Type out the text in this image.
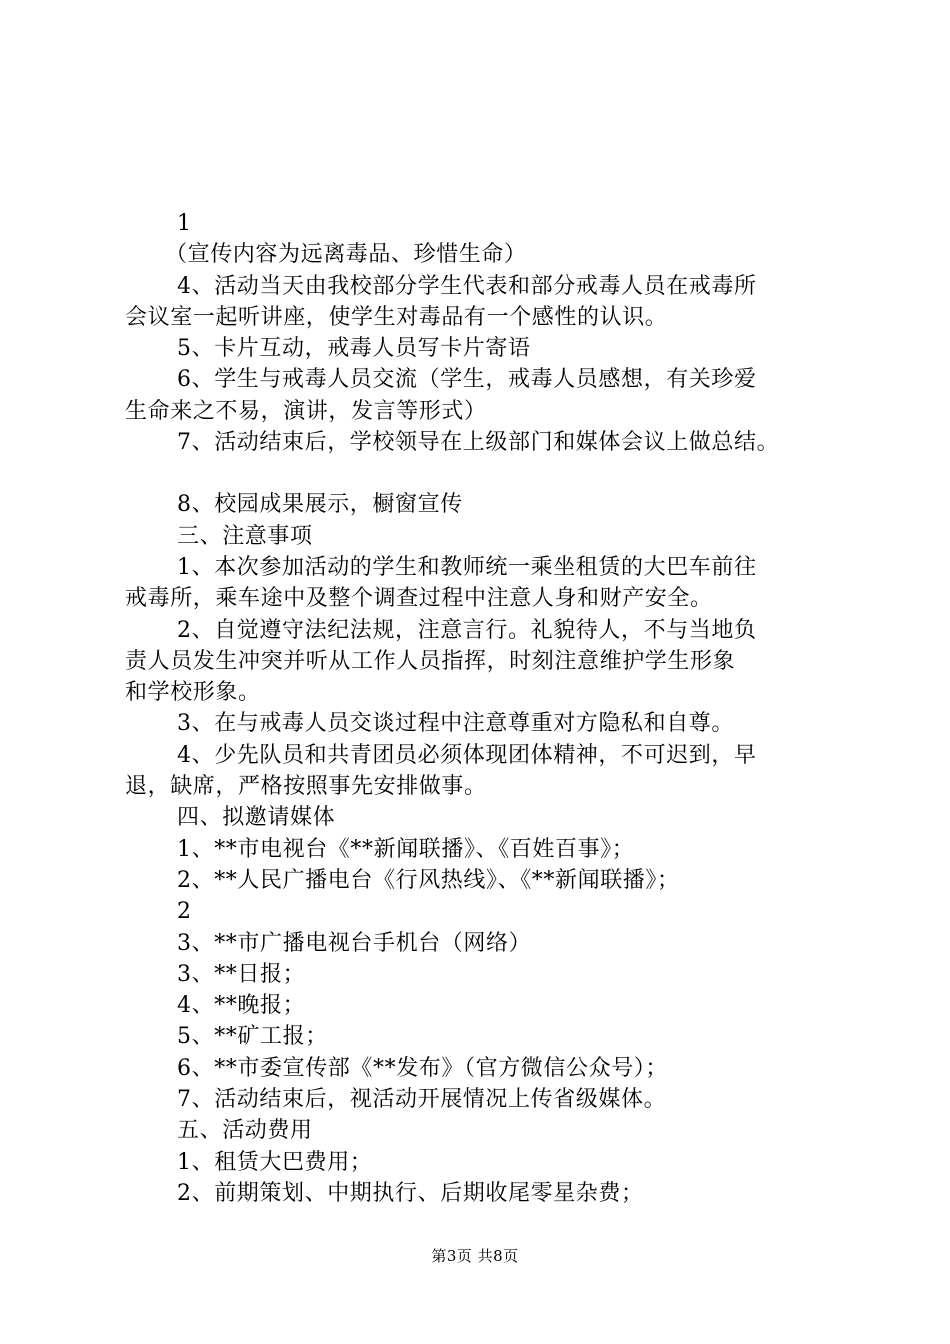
1
（宣传内容为远离毒品、珍惜生命）
4、活动当天由我校部分学生代表和部分戒毒人员在戒毒所
会议室一起听讲座，使学生对毒品有一个感性的认识。
5、卡片互动，戒毒人员写卡片寄语
6、学生与戒毒人员交流（学生，戒毒人员感想，有关珍爱
生命来之不易，演讲，发言等形式）
7、活动结束后，学校领导在上级部门和媒体会议上做总结。
8、校园成果展示，橱窗宣传
三、注意事项
1、本次参加活动的学生和教师统一乘坐租赁的大巴车前往
戒毒所，乘车途中及整个调查过程中注意人身和财产安全。
2、自觉遵守法纪法规，注意言行。礼貌待人，不与当地负
责人员发生冲突并听从工作人员指挥，时刻注意维护学生形象
和学校形象。
3、在与戒毒人员交谈过程中注意尊重对方隐私和自尊。
4、少先队员和共青团员必须体现团体精神，不可迟到，早
退，缺席，严格按照事先安排做事。
四、拟邀请媒体
1、**市电视台《**新闻联播》、《百姓百事》；
2、**人民广播电台《行风热线》、《**新闻联播》；
2
3、**市广播电视台手机台（网络）
3、**日报；
4、**晚报；
5、**矿工报；
6、**市委宣传部《**发布》（官方微信公众号）；
7、活动结束后，视活动开展情况上传省级媒体。
五、活动费用
1、租赁大巴费用；
2、前期策划、中期执行、后期收尾零星杂费；
第3页 共8页
